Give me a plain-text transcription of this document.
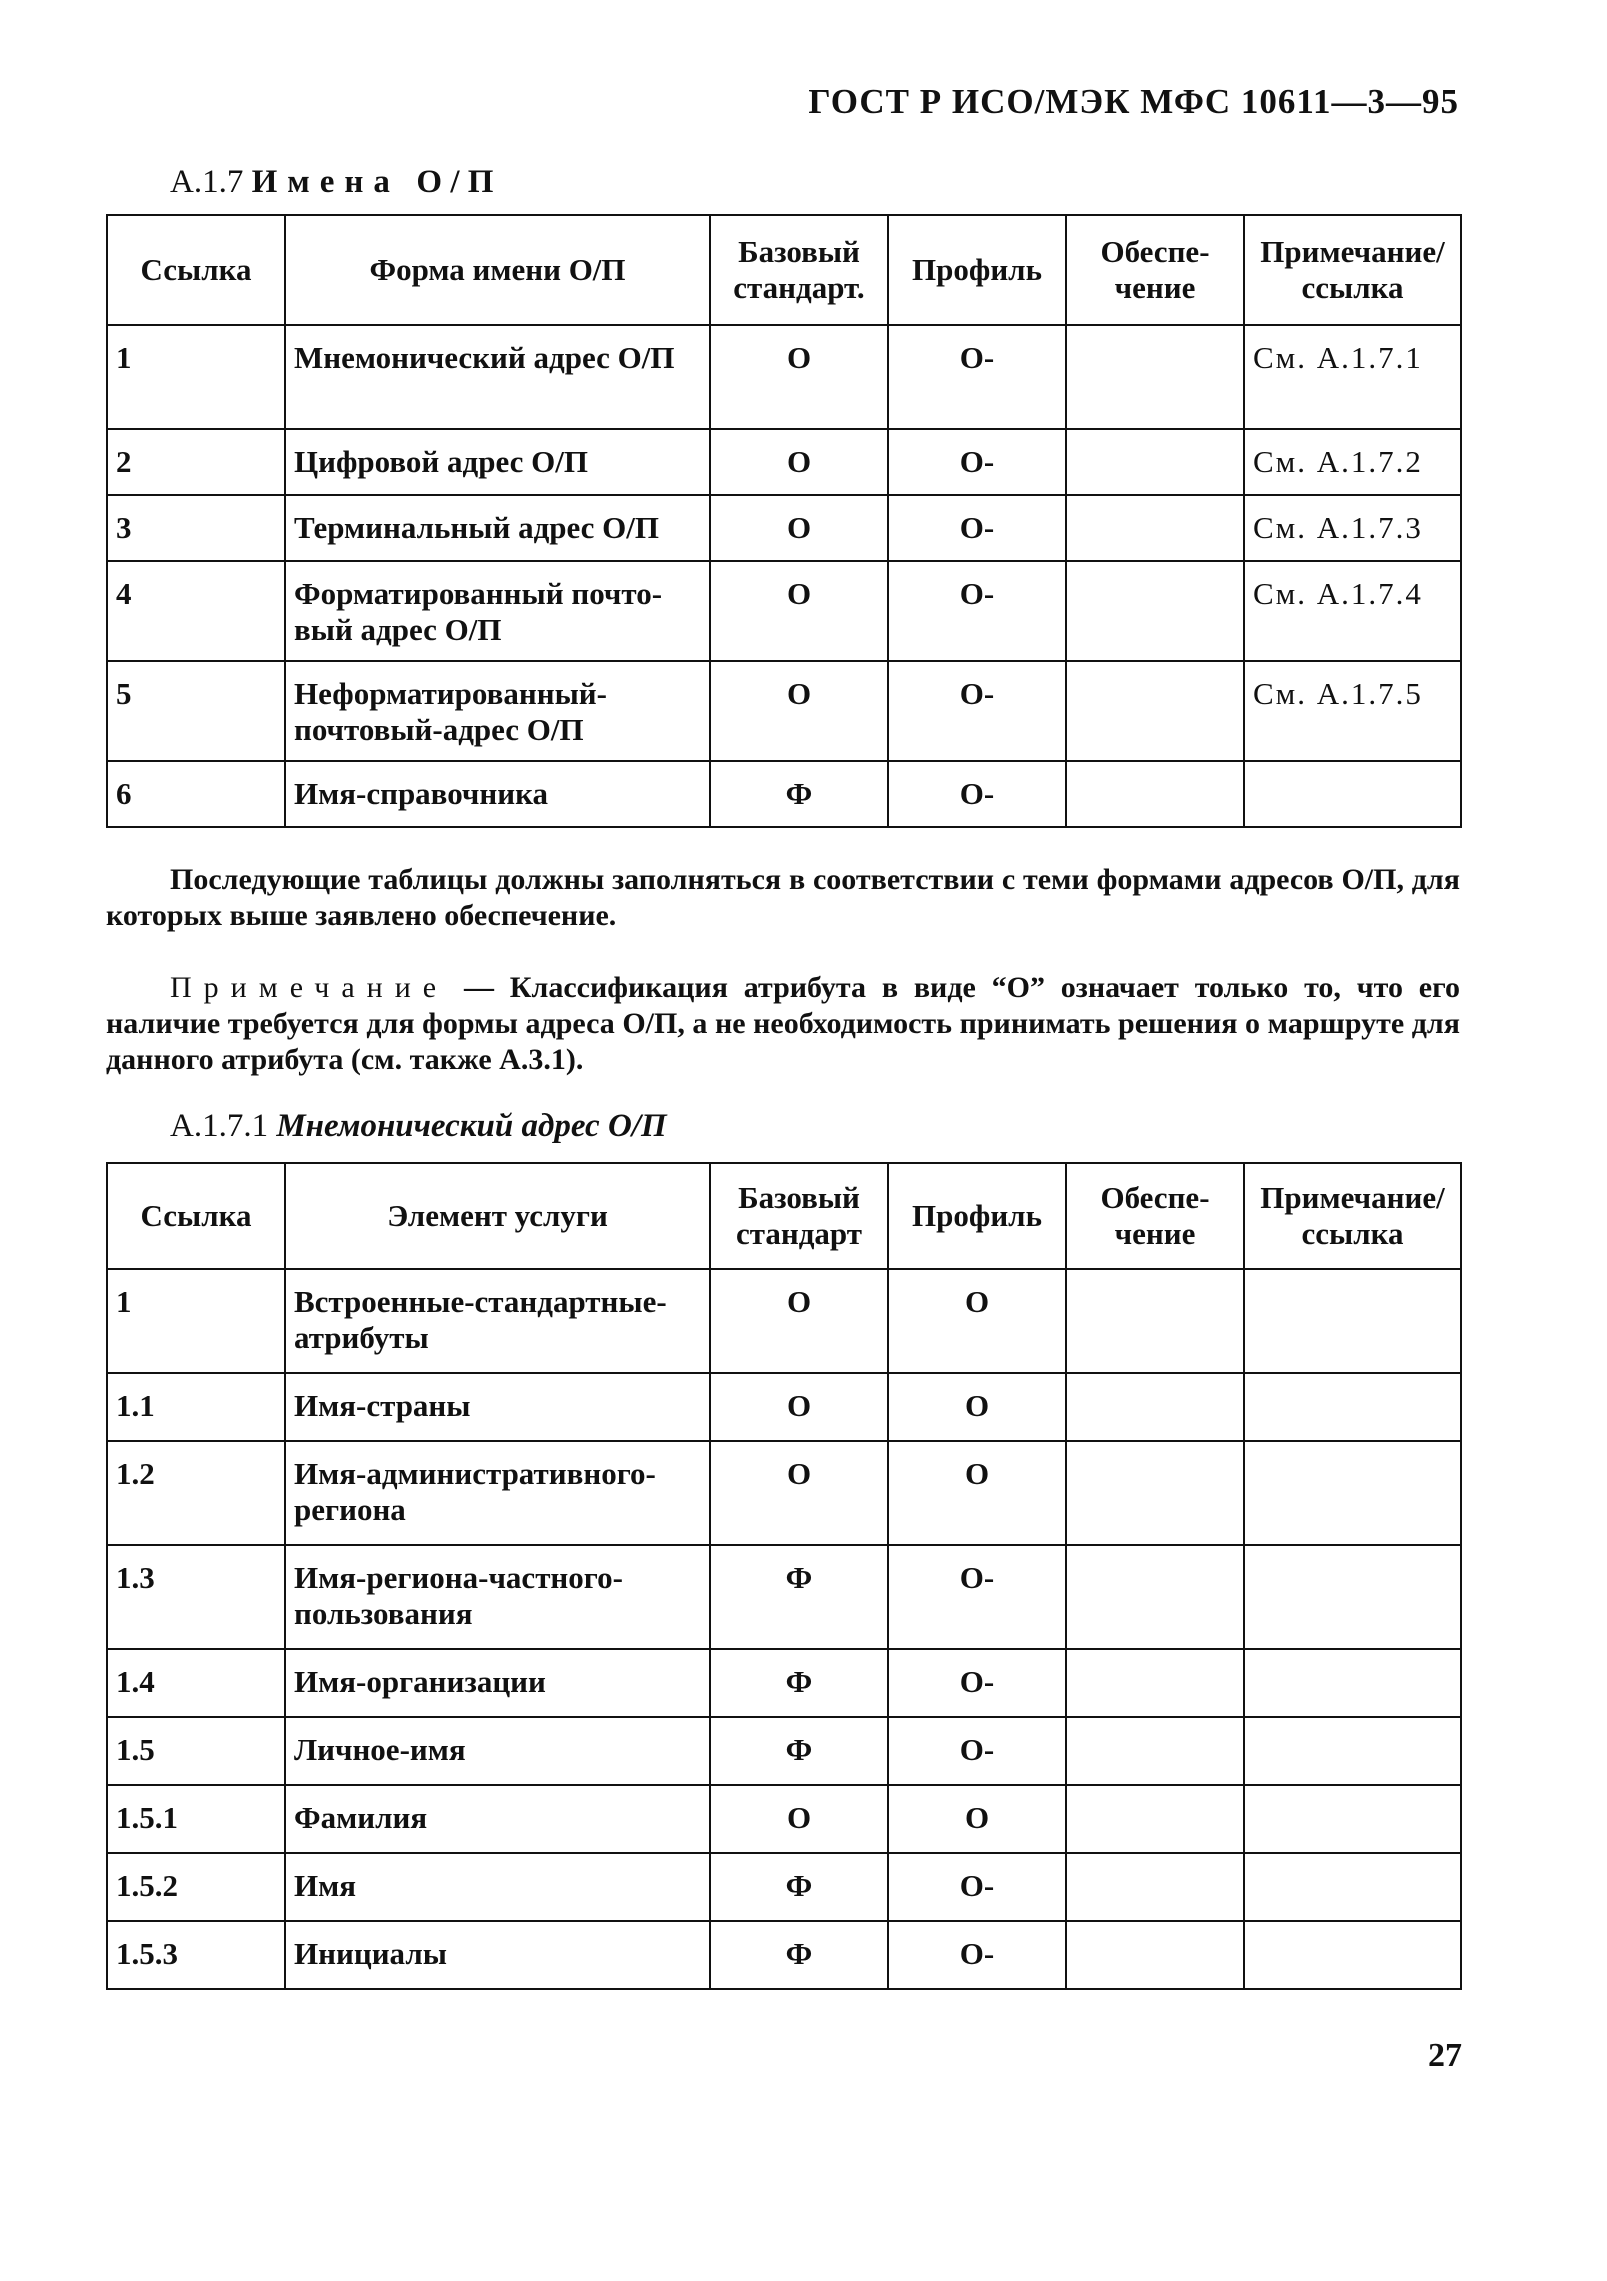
ГОСТ Р ИСО/МЭК МФС 10611—3—95
A.1.7 Имена О / П
Ссылка	Форма имени О/П	Базовый стандарт.	Профиль	Обеспе-чение	Примечание/ ссылка
1	Мнемонический адрес О/П	О	О-		См. A.1.7.1
2	Цифровой адрес О/П	О	О-		См. A.1.7.2
3	Терминальный адрес О/П	О	О-		См. A.1.7.3
4	Форматированный почто-вый адрес О/П	О	О-		См. A.1.7.4
5	Неформатированный-почтовый-адрес О/П	О	О-		См. A.1.7.5
6	Имя-справочника	Ф	О-		
Последующие таблицы должны заполняться в соответствии с теми формами адресов О/П, для которых выше заявлено обеспечение.
Примечание — Классификация атрибута в виде “О” означает только то, что его наличие требуется для формы адреса О/П, а не необходимость принимать решения о маршруте для данного атрибута (см. также А.3.1).
A.1.7.1 Мнемонический адрес О/П
Ссылка	Элемент услуги	Базовый стандарт	Профиль	Обеспе-чение	Примечание/ ссылка
1	Встроенные-стандартные-атрибуты	О	О		
1.1	Имя-страны	О	О		
1.2	Имя-административного-региона	О	О		
1.3	Имя-региона-частного-пользования	Ф	О-		
1.4	Имя-организации	Ф	О-		
1.5	Личное-имя	Ф	О-		
1.5.1	Фамилия	О	О		
1.5.2	Имя	Ф	О-		
1.5.3	Инициалы	Ф	О-		
27
